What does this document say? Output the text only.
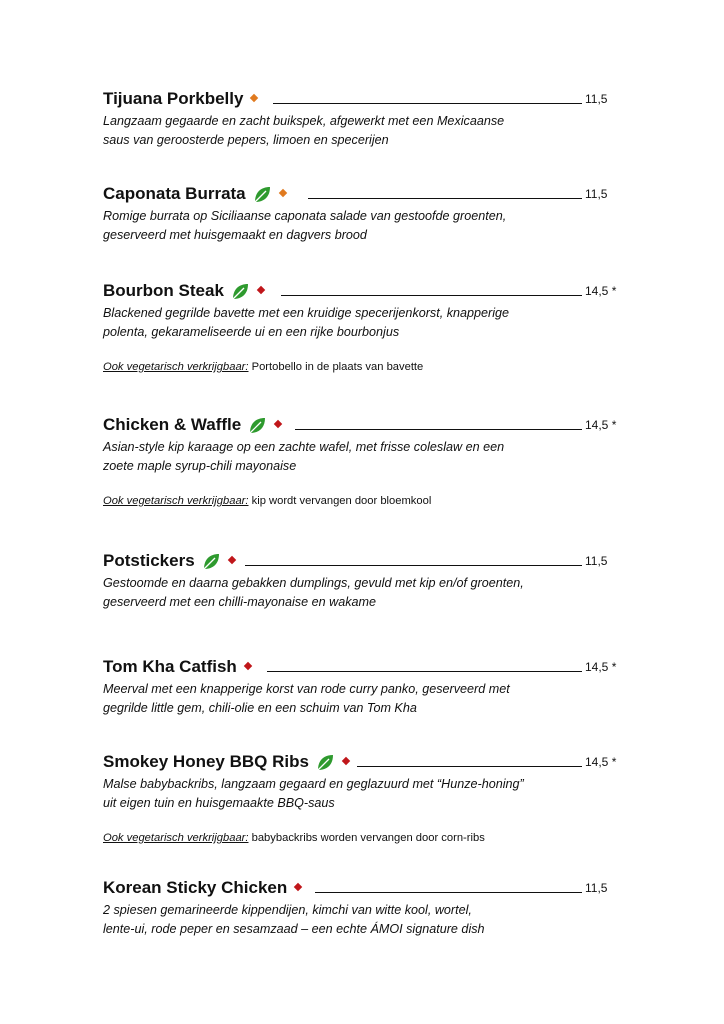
Tijuana Porkbelly	11,5
Langzaam gegaarde en zacht buikspek, afgewerkt met een Mexicaanse
saus van geroosterde pepers, limoen en specerijen
Caponata Burrata	11,5
Romige burrata op Siciliaanse caponata salade van gestoofde groenten,
geserveerd met huisgemaakt en dagvers brood
Bourbon Steak	14,5 *
Blackened gegrilde bavette met een kruidige specerijenkorst, knapperige
polenta, gekarameliseerde ui en een rijke bourbonjus
Ook vegetarisch verkrijgbaar: Portobello in de plaats van bavette
Chicken & Waffle	14,5 *
Asian-style kip karaage op een zachte wafel, met frisse coleslaw en een
zoete maple syrup-chili mayonaise
Ook vegetarisch verkrijgbaar: kip wordt vervangen door bloemkool
Potstickers	11,5
Gestoomde en daarna gebakken dumplings, gevuld met kip en/of groenten,
geserveerd met een chilli-mayonaise en wakame
Tom Kha Catfish	14,5 *
Meerval met een knapperige korst van rode curry panko, geserveerd met
gegrilde little gem, chili-olie en een schuim van Tom Kha
Smokey Honey BBQ Ribs	14,5 *
Malse babybackribs, langzaam gegaard en geglazuurd met “Hunze-honing”
uit eigen tuin en huisgemaakte BBQ-saus
Ook vegetarisch verkrijgbaar: babybackribs worden vervangen door corn-ribs
Korean Sticky Chicken	11,5
2 spiesen gemarineerde kippendijen, kimchi van witte kool, wortel,
lente-ui, rode peper en sesamzaad – een echte ÁMOI signature dish
